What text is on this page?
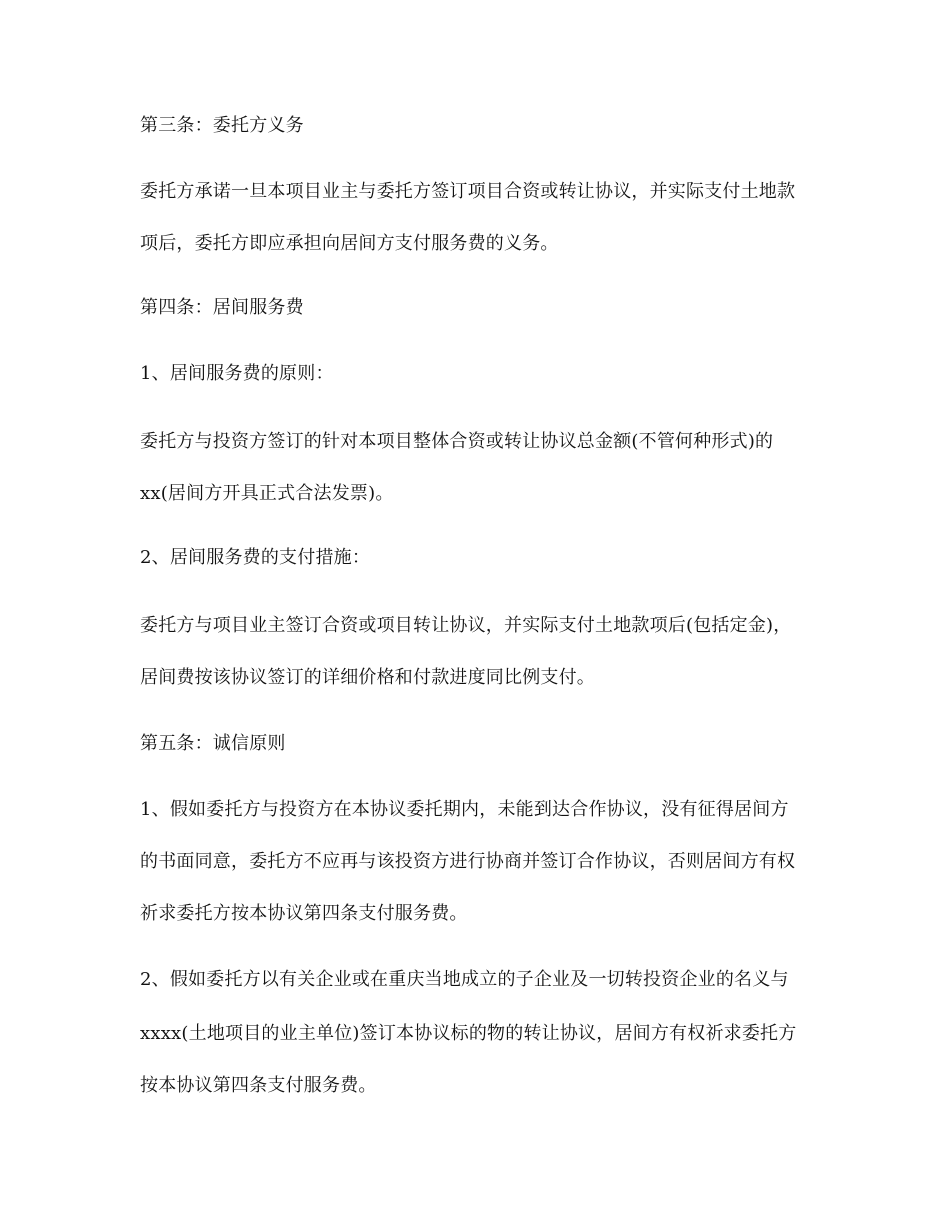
第三条：委托方义务
委托方承诺一旦本项目业主与委托方签订项目合资或转让协议，并实际支付土地款
项后，委托方即应承担向居间方支付服务费的义务。
第四条：居间服务费
1、居间服务费的原则：
委托方与投资方签订的针对本项目整体合资或转让协议总金额(不管何种形式)的
xx(居间方开具正式合法发票)。
2、居间服务费的支付措施：
委托方与项目业主签订合资或项目转让协议，并实际支付土地款项后(包括定金)，
居间费按该协议签订的详细价格和付款进度同比例支付。
第五条：诚信原则
1、假如委托方与投资方在本协议委托期内，未能到达合作协议，没有征得居间方
的书面同意，委托方不应再与该投资方进行协商并签订合作协议，否则居间方有权
祈求委托方按本协议第四条支付服务费。
2、假如委托方以有关企业或在重庆当地成立的子企业及一切转投资企业的名义与
xxxx(土地项目的业主单位)签订本协议标的物的转让协议，居间方有权祈求委托方
按本协议第四条支付服务费。
